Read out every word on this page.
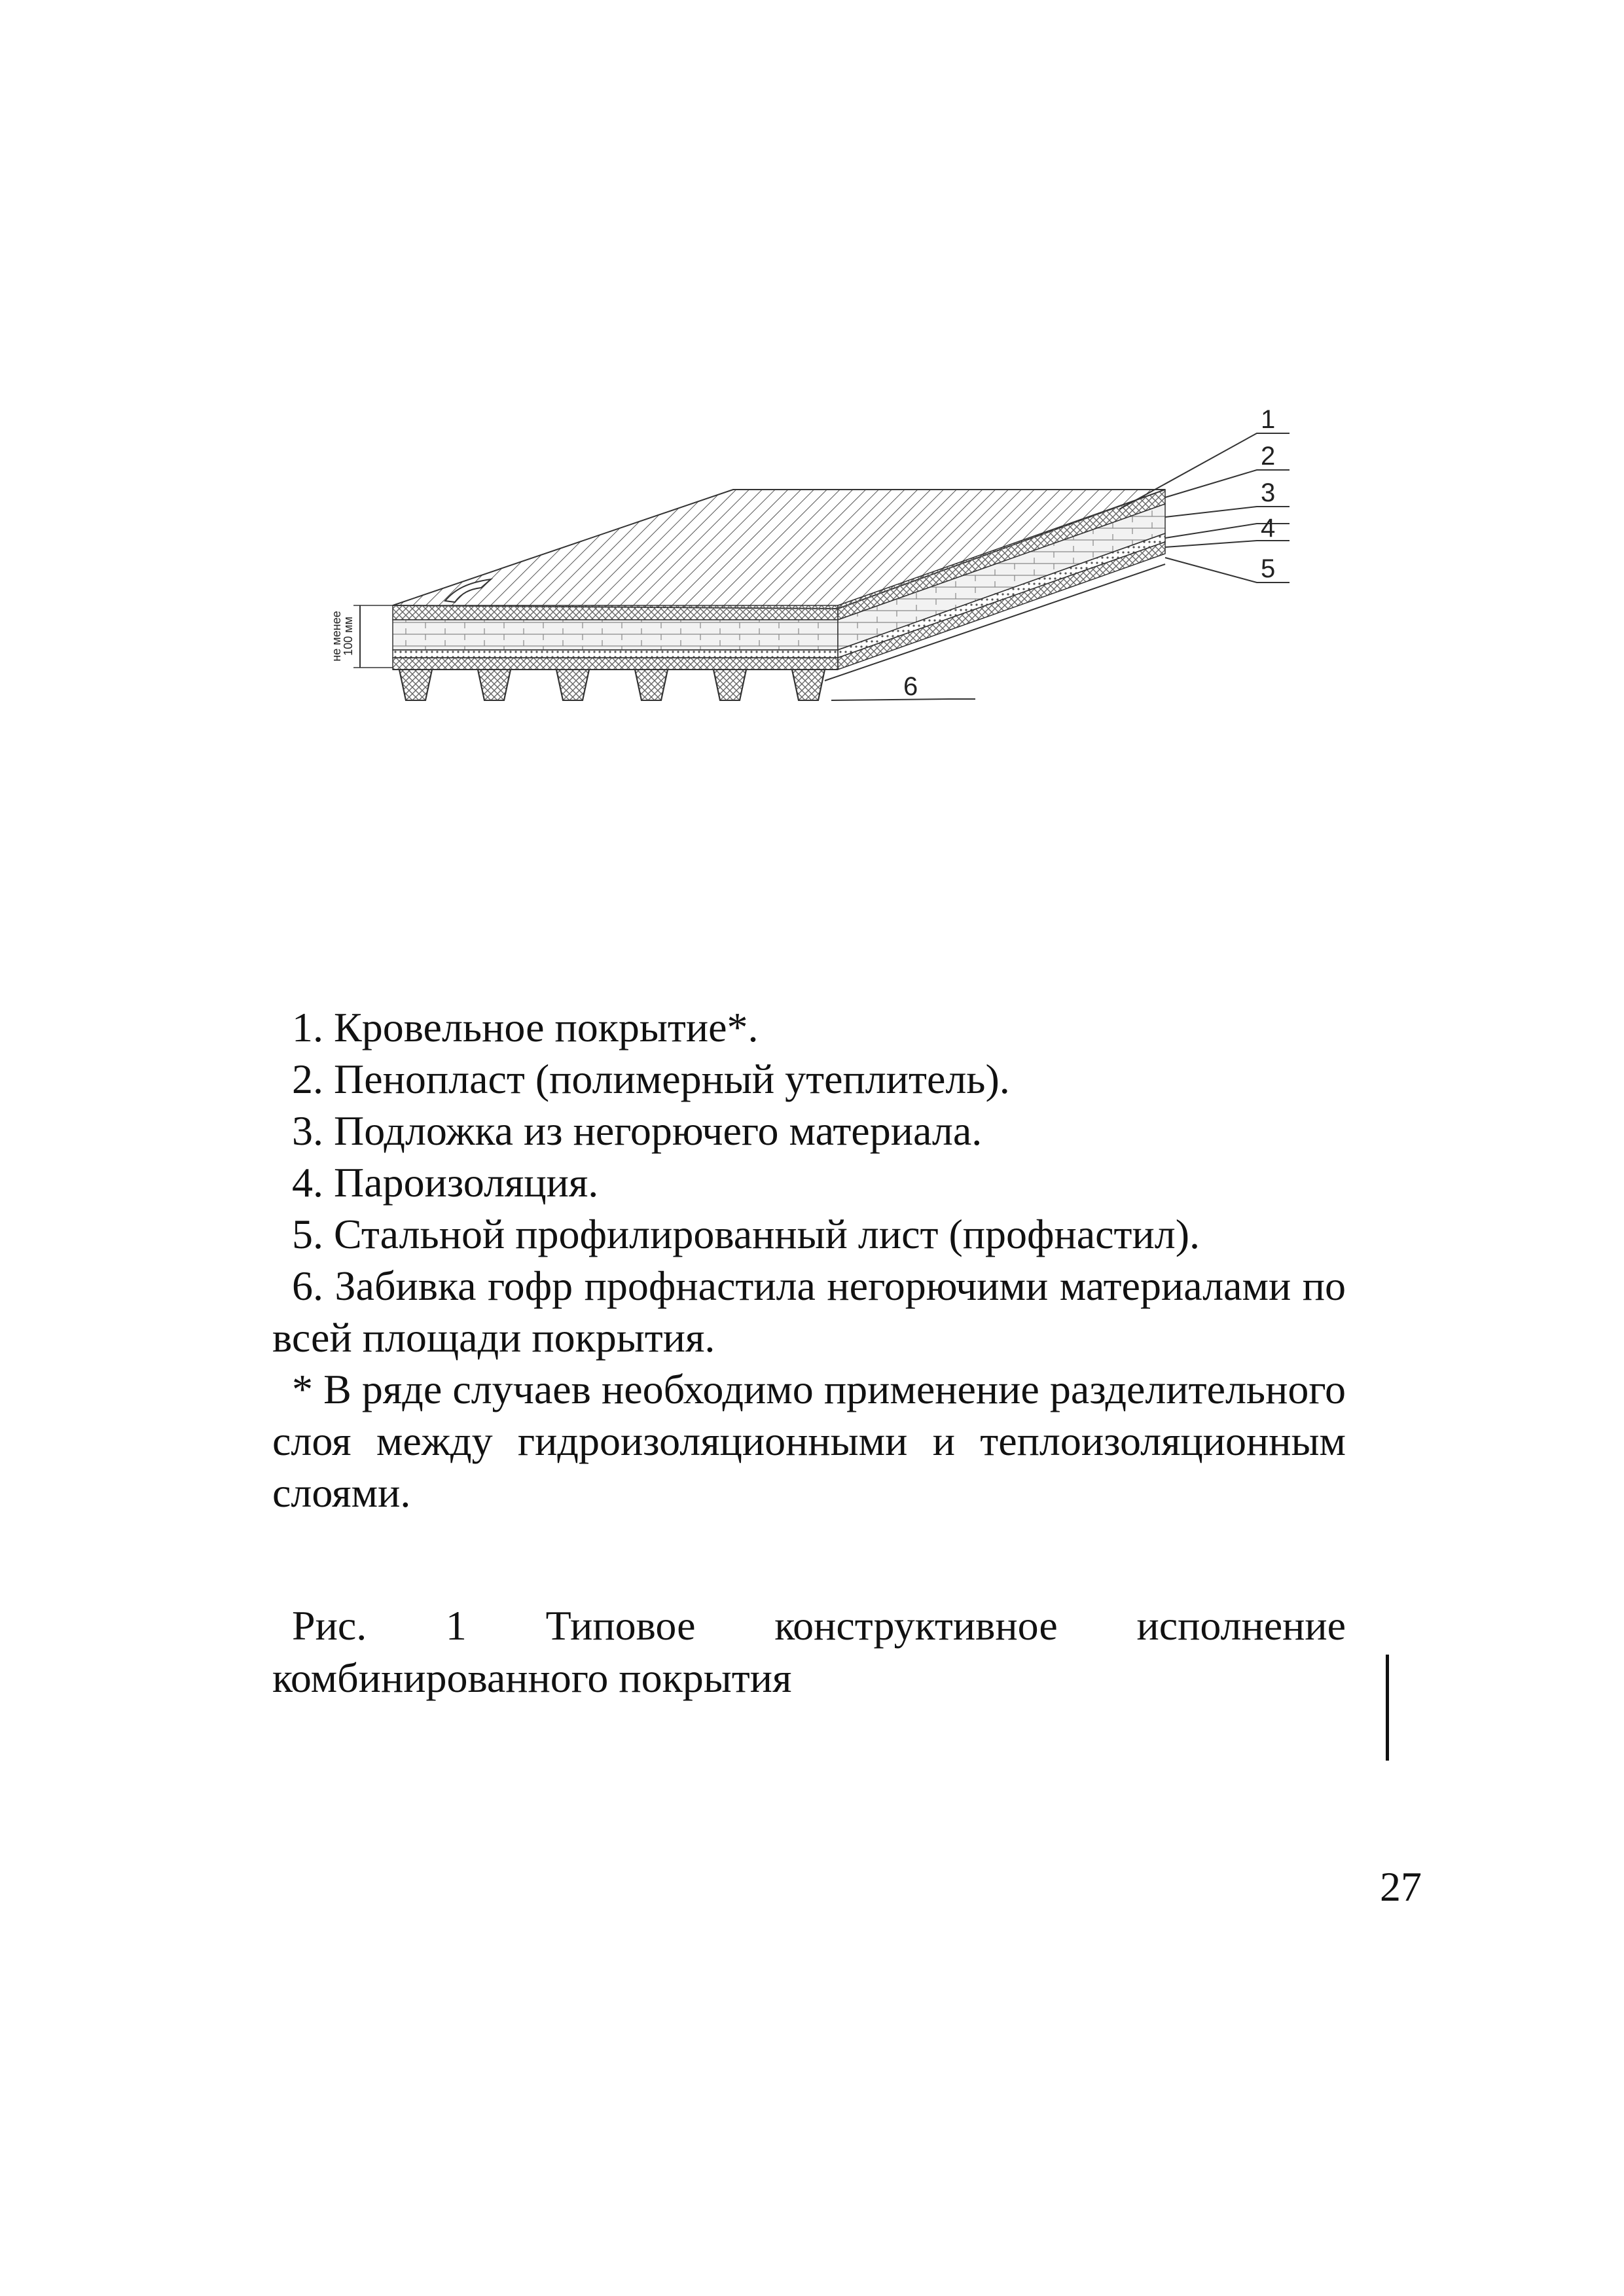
не менее
100 мм
1
2
3
4
5
6

1. Кровельное покрытие*.

2. Пенопласт (полимерный утеплитель).

3. Подложка из негорючего материала.

4. Пароизоляция.

5. Стальной профилированный лист (профнастил).

6. Забивка гофр профнастила негорючими материалами по всей площади покрытия.

* В ряде случаев необходимо применение разделительного слоя между гидроизоляционными и теплоизоляционным слоями.

Рис. 1 Типовое конструктивное исполнение комбинированного покрытия

27
